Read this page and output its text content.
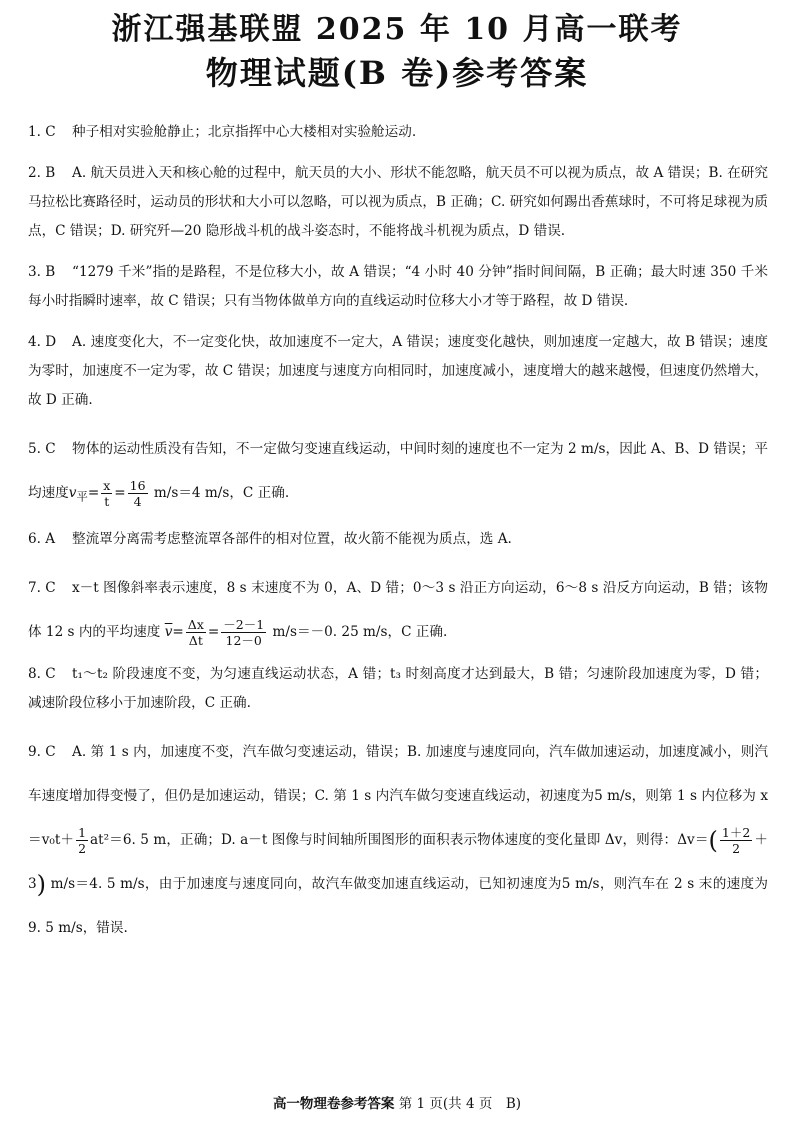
浙江强基联盟 2025 年 10 月高一联考
物理试题(B 卷)参考答案
1. C 种子相对实验舱静止；北京指挥中心大楼相对实验舱运动.
2. B A. 航天员进入天和核心舱的过程中，航天员的大小、形状不能忽略，航天员不可以视为质点，故 A 错误；B. 在研究马拉松比赛路径时，运动员的形状和大小可以忽略，可以视为质点，B 正确；C. 研究如何踢出香蕉球时，不可将足球视为质点，C 错误；D. 研究歼—20 隐形战斗机的战斗姿态时，不能将战斗机视为质点，D 错误.
3. B “1279 千米”指的是路程，不是位移大小，故 A 错误；“4 小时 40 分钟”指时间间隔，B 正确；最大时速 350 千米每小时指瞬时速率，故 C 错误；只有当物体做单方向的直线运动时位移大小才等于路程，故 D 错误.
4. D A. 速度变化大，不一定变化快，故加速度不一定大，A 错误；速度变化越快，则加速度一定越大，故 B 错误；速度为零时，加速度不一定为零，故 C 错误；加速度与速度方向相同时，加速度减小，速度增大的越来越慢，但速度仍然增大，故 D 正确.
5. C 物体的运动性质没有告知，不一定做匀变速直线运动，中间时刻的速度也不一定为 2 m/s，因此 A、B、D 错误；平均速度$v_平= \frac{x}{t} = \frac{16}{4} m/s=4$ m/s，C 正确.
6. A 整流罩分离需考虑整流罩各部件的相对位置，故火箭不能视为质点，选 A.
7. C x－t 图像斜率表示速度，8 s 末速度不为 0，A、D 错；0～3 s 沿正方向运动，6～8 s 沿反方向运动，B 错；该物体 12 s 内的平均速度 $\overline{v}= \frac{\Delta x}{\Delta t} = \frac{-2-1}{12-0} m/s=-0$. 25 m/s，C 正确.
8. C t₁～t₂ 阶段速度不变，为匀速直线运动状态，A 错；t₃ 时刻高度才达到最大，B 错；匀速阶段加速度为零，D 错；减速阶段位移小于加速阶段，C 正确.
9. C A. 第 1 s 内，加速度不变，汽车做匀变速运动，错误；B. 加速度与速度同向，汽车做加速运动，加速度减小，则汽车速度增加得变慢了，但仍是加速运动，错误；C. 第 1 s 内汽车做匀变速直线运动，初速度为5 m/s，则第 1 s 内位移为 $x=v_0t+ \frac{1}{2} at^2=6$. 5 m，正确；D. a－t 图像与时间轴所围图形的面积表示物体速度的变化量即 Δv，则得：$\Delta v=( \frac{1+2}{2} +3)$ m/s＝4. 5 m/s，由于加速度与速度同向，故汽车做变加速直线运动，已知初速度为5 m/s，则汽车在 2 s 末的速度为 9. 5 m/s，错误.
高一物理卷参考答案 第 1 页(共 4 页　B)
